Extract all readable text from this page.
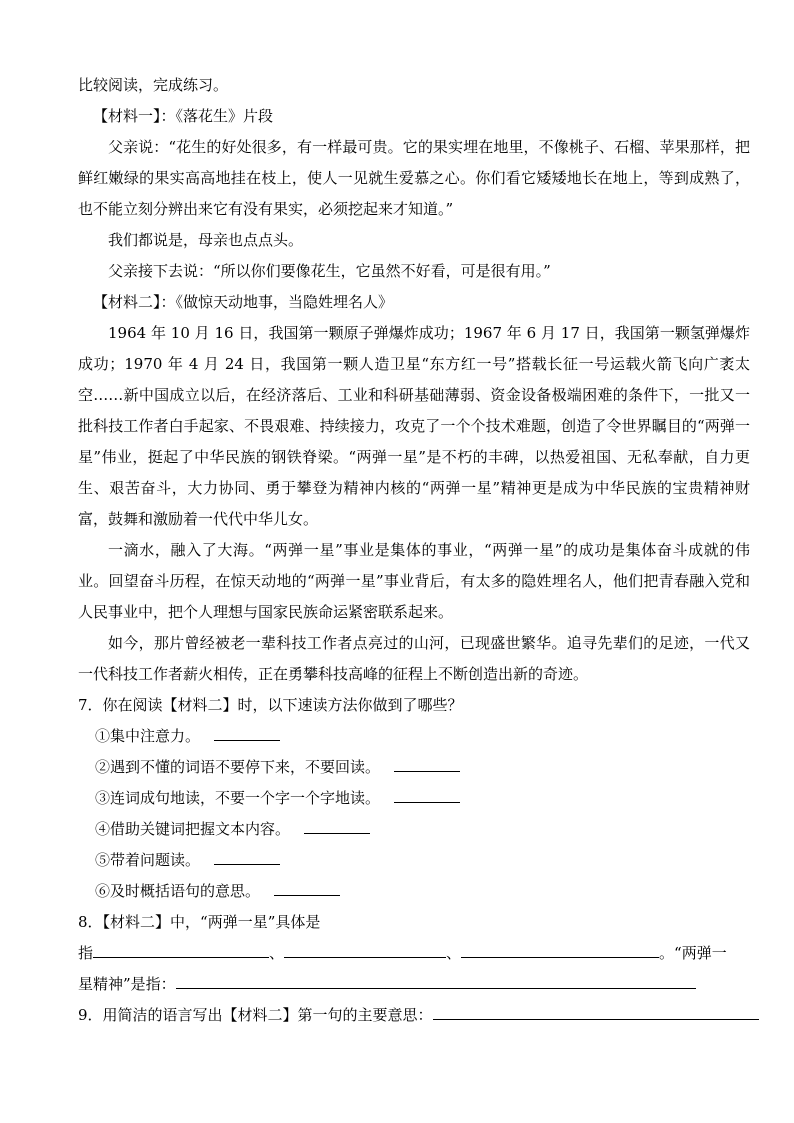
比较阅读，完成练习。
【材料一】：《落花生》片段

父亲说：“花生的好处很多，有一样最可贵。它的果实埋在地里，不像桃子、石榴、苹果那样，把鲜红嫩绿的果实高高地挂在枝上，使人一见就生爱慕之心。你们看它矮矮地长在地上，等到成熟了，也不能立刻分辨出来它有没有果实，必须挖起来才知道。”

我们都说是，母亲也点点头。

父亲接下去说：“所以你们要像花生，它虽然不好看，可是很有用。”

【材料二】：《做惊天动地事，当隐姓埋名人》

1964 年 10 月 16 日，我国第一颗原子弹爆炸成功；1967 年 6 月 17 日，我国第一颗氢弹爆炸成功；1970 年 4 月 24 日，我国第一颗人造卫星“东方红一号”搭载长征一号运载火箭飞向广袤太空……新中国成立以后，在经济落后、工业和科研基础薄弱、资金设备极端困难的条件下，一批又一批科技工作者白手起家、不畏艰难、持续接力，攻克了一个个技术难题，创造了令世界瞩目的“两弹一星”伟业，挺起了中华民族的钢铁脊梁。“两弹一星”是不朽的丰碑，以热爱祖国、无私奉献，自力更生、艰苦奋斗，大力协同、勇于攀登为精神内核的“两弹一星”精神更是成为中华民族的宝贵精神财富，鼓舞和激励着一代代中华儿女。

一滴水，融入了大海。“两弹一星”事业是集体的事业，“两弹一星”的成功是集体奋斗成就的伟业。回望奋斗历程，在惊天动地的“两弹一星”事业背后，有太多的隐姓埋名人，他们把青春融入党和人民事业中，把个人理想与国家民族命运紧密联系起来。

如今，那片曾经被老一辈科技工作者点亮过的山河，已现盛世繁华。追寻先辈们的足迹，一代又一代科技工作者薪火相传，正在勇攀科技高峰的征程上不断创造出新的奇迹。

7．你在阅读【材料二】时，以下速读方法你做到了哪些？
①集中注意力。
②遇到不懂的词语不要停下来，不要回读。
③连词成句地读，不要一个字一个字地读。
④借助关键词把握文本内容。
⑤带着问题读。
⑥及时概括语句的意思。
8．【材料二】中，“两弹一星”具体是
指	、	、	。“两弹一
星精神”是指：
9．用简洁的语言写出【材料二】第一句的主要意思：
